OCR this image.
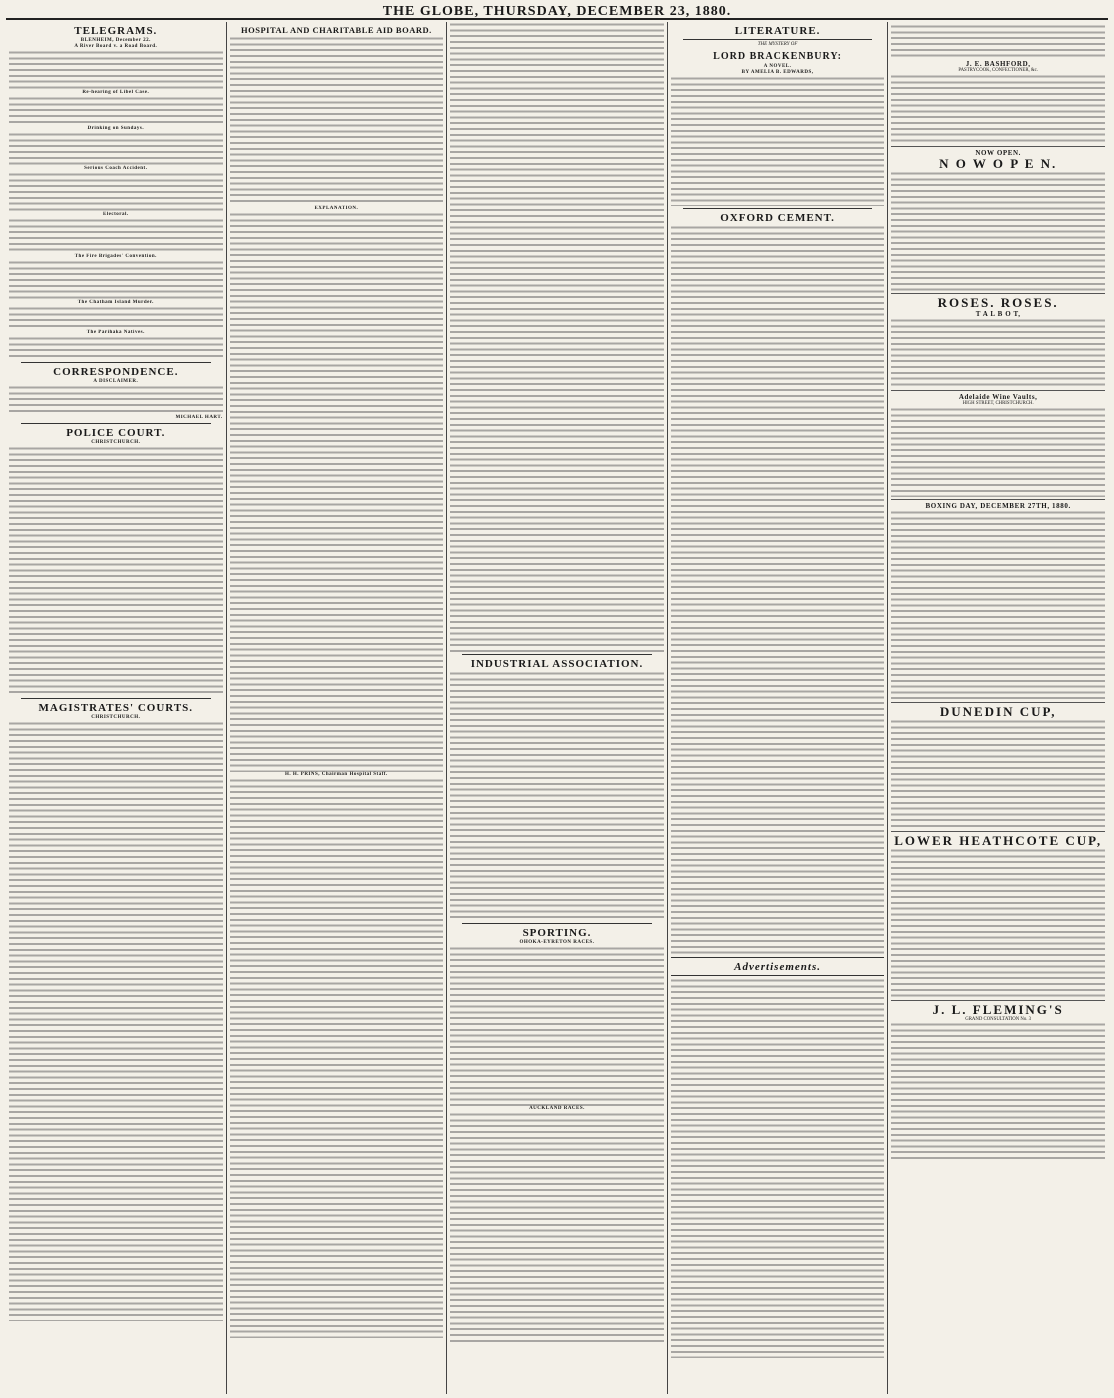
THE GLOBE, THURSDAY, DECEMBER 23, 1880.
TELEGRAMS.
BLENHEIM, December 22.
A River Board v. a Road Board.
Re-hearing of Libel Case.
Drinking on Sundays.
Serious Coach Accident.
Electoral.
The Fire Brigades' Convention.
The Chatham Island Murder.
The Parihaka Natives.
CORRESPONDENCE.
A DISCLAIMER.
MICHAEL HART.
POLICE COURT.
CHRISTCHURCH.
MAGISTRATES' COURTS.
CHRISTCHURCH.
HOSPITAL AND CHARITABLE AID BOARD.
EXPLANATION.
H. H. PRINS, Chairman Hospital Staff.
INDUSTRIAL ASSOCIATION.
SPORTING.
OHOKA-EYRETON RACES.
AUCKLAND RACES.
LITERATURE.
THE MYSTERY OF
LORD BRACKENBURY:
A NOVEL.
BY AMELIA B. EDWARDS,
OXFORD CEMENT.
Advertisements.
J. E. BASHFORD,
PASTRYCOOK, CONFECTIONER, &c.
NOW OPEN.
N O W O P E N.
ROSES. ROSES.
T A L B O T,
Adelaide Wine Vaults,
HIGH STREET, CHRISTCHURCH.
BOXING DAY, DECEMBER 27TH, 1880.
DUNEDIN CUP,
LOWER HEATHCOTE CUP,
J. L. FLEMING'S
GRAND CONSULTATION No. 3
